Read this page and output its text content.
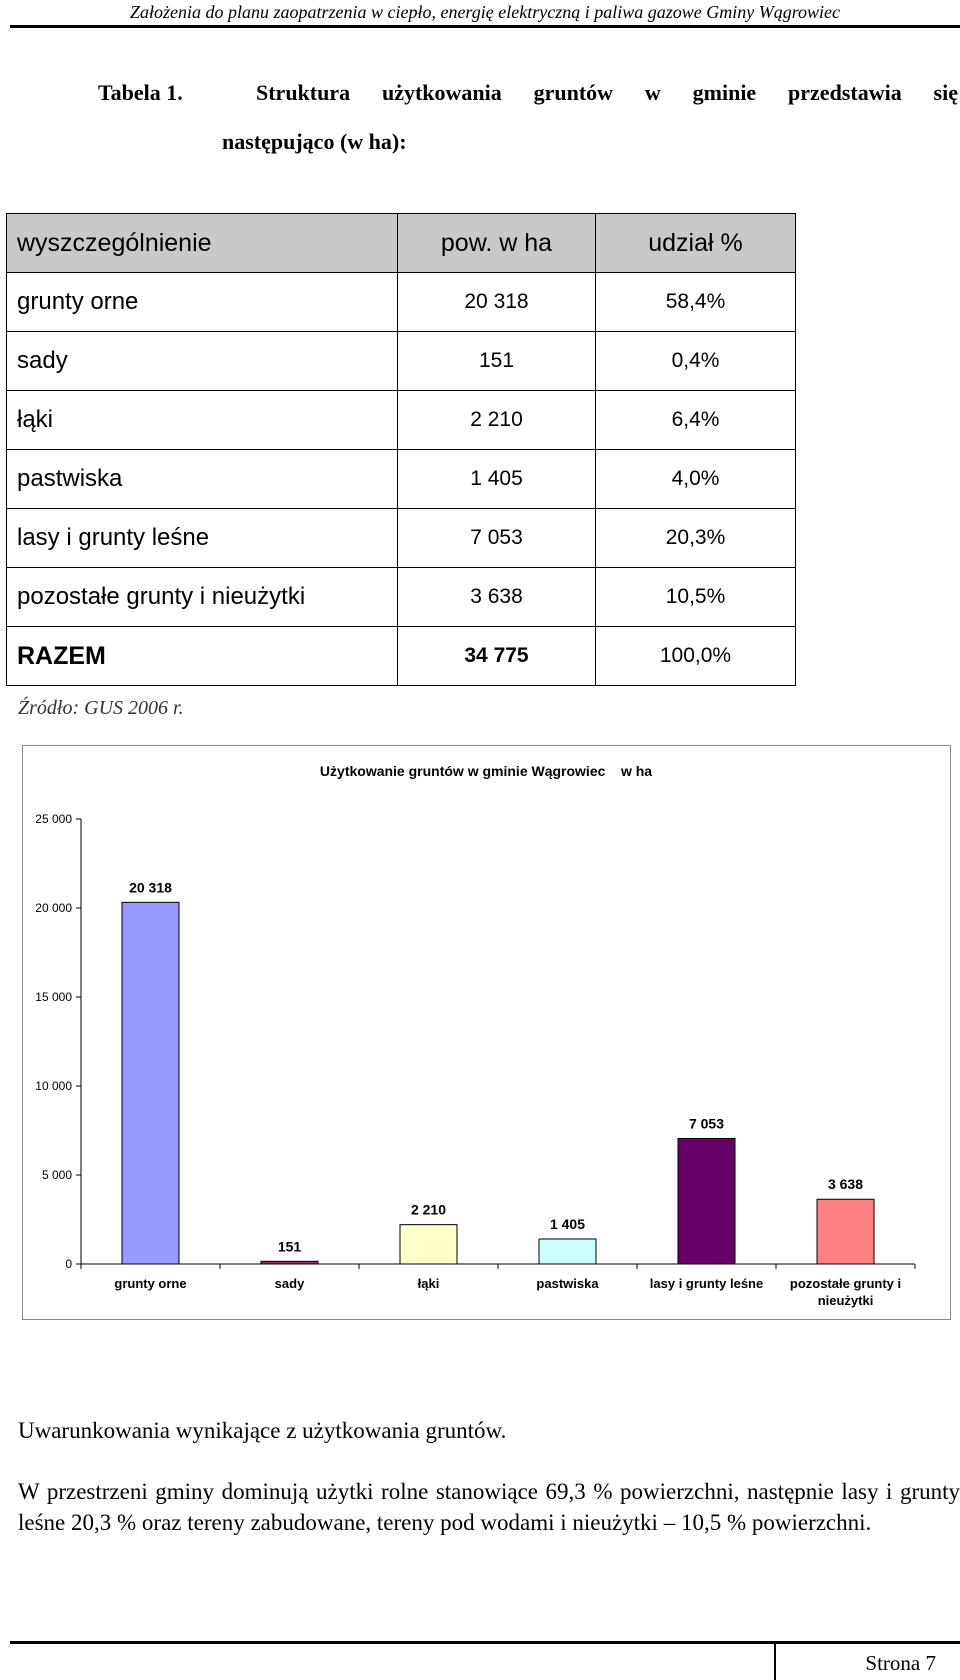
Założenia do planu zaopatrzenia w ciepło, energię elektryczną i paliwa gazowe Gminy Wągrowiec
Tabela 1.	Struktura użytkowania gruntów w gminie przedstawia się
następująco (w ha):
wyszczególnienie	pow. w ha	udział %
grunty orne	20 318	58,4%
sady	151	0,4%
łąki	2 210	6,4%
pastwiska	1 405	4,0%
lasy i grunty leśne	7 053	20,3%
pozostałe grunty i nieużytki	3 638	10,5%
RAZEM	34 775	100,0%
Źródło: GUS 2006 r.
Użytkowanie gruntów w gminie Wągrowiec    w ha
0
5 000
10 000
15 000
20 000
25 000
20 318
grunty orne
151
sady
2 210
łąki
1 405
pastwiska
7 053
lasy i grunty leśne
3 638
pozostałe grunty i
nieużytki
Uwarunkowania wynikające z użytkowania gruntów.
W przestrzeni gminy dominują użytki rolne stanowiące 69,3 % powierzchni, następnie lasy i grunty leśne 20,3 % oraz tereny zabudowane, tereny pod wodami i nieużytki – 10,5 % powierzchni.
Strona 7
